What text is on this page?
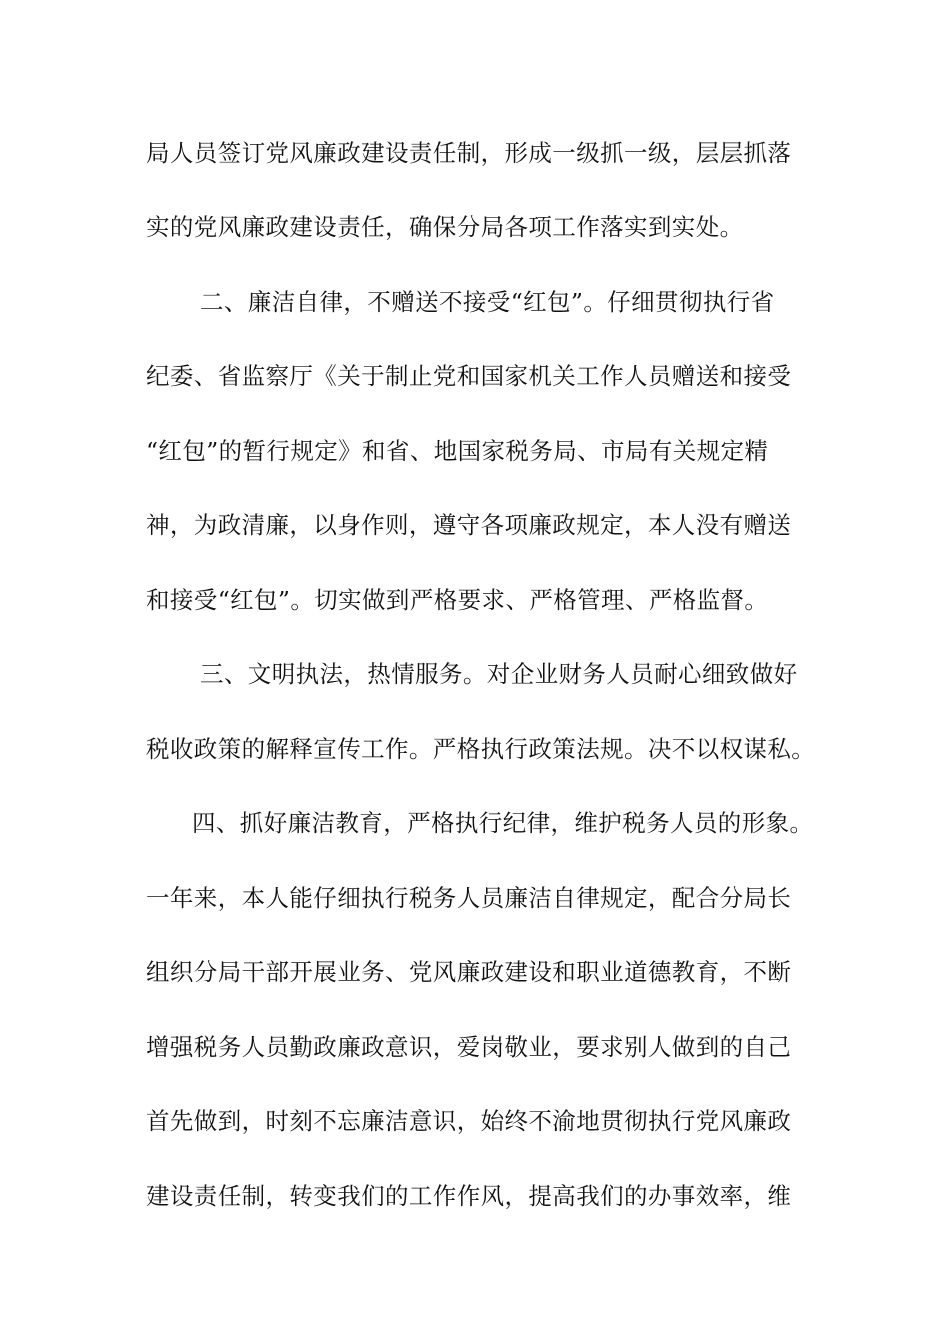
局人员签订党风廉政建设责任制，形成一级抓一级，层层抓落
实的党风廉政建设责任，确保分局各项工作落实到实处。
二、廉洁自律，不赠送不接受“红包”。仔细贯彻执行省
纪委、省监察厅《关于制止党和国家机关工作人员赠送和接受
“红包”的暂行规定》和省、地国家税务局、市局有关规定精
神，为政清廉，以身作则，遵守各项廉政规定，本人没有赠送
和接受“红包”。切实做到严格要求、严格管理、严格监督。
三、文明执法，热情服务。对企业财务人员耐心细致做好
税收政策的解释宣传工作。严格执行政策法规。决不以权谋私。
四、抓好廉洁教育，严格执行纪律，维护税务人员的形象。
一年来，本人能仔细执行税务人员廉洁自律规定，配合分局长
组织分局干部开展业务、党风廉政建设和职业道德教育，不断
增强税务人员勤政廉政意识，爱岗敬业，要求别人做到的自己
首先做到，时刻不忘廉洁意识，始终不渝地贯彻执行党风廉政
建设责任制，转变我们的工作作风，提高我们的办事效率，维
